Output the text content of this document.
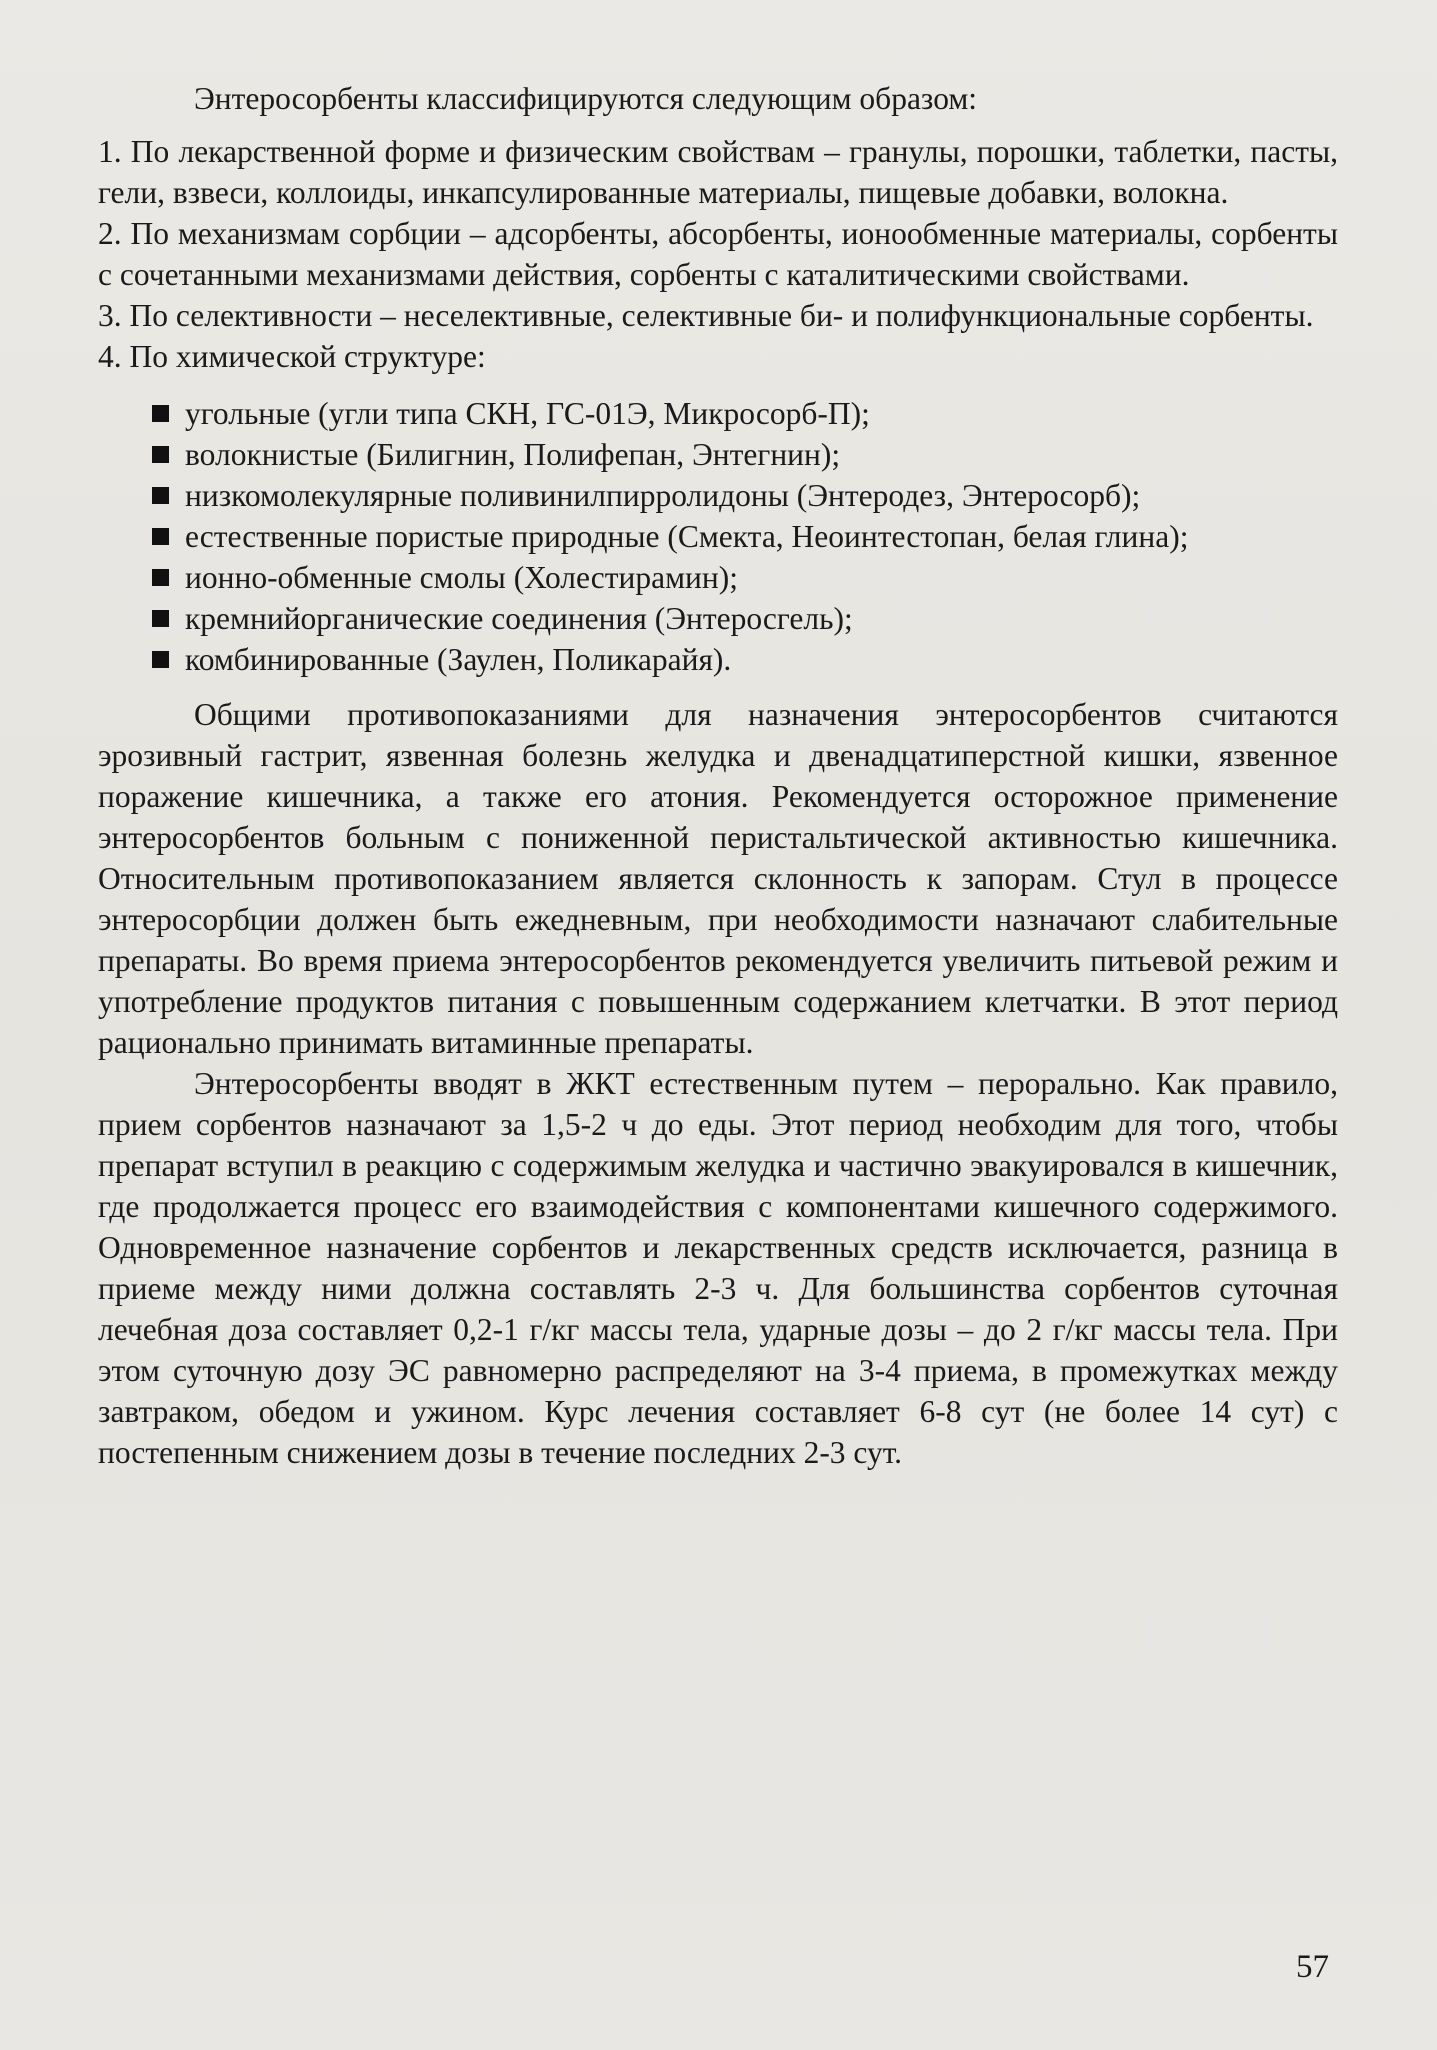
Энтеросорбенты классифицируются следующим образом:

1. По лекарственной форме и физическим свойствам – гранулы, порошки, таблетки, пасты, гели, взвеси, коллоиды, инкапсулированные материалы, пищевые добавки, волокна.

2. По механизмам сорбции – адсорбенты, абсорбенты, ионообменные материалы, сорбенты с сочетанными механизмами действия, сорбенты с каталитическими свойствами.

3. По селективности – неселективные, селективные би- и полифункциональные сорбенты.

4. По химической структуре:

угольные (угли типа СКН, ГС-01Э, Микросорб-П);
волокнистые (Билигнин, Полифепан, Энтегнин);
низкомолекулярные поливинилпирролидоны (Энтеродез, Энтеросорб);
естественные пористые природные (Смекта, Неоинтестопан, белая глина);
ионно-обменные смолы (Холестирамин);
кремнийорганические соединения (Энтеросгель);
комбинированные (Заулен, Поликарайя).

Общими противопоказаниями для назначения энтеросорбентов считаются эрозивный гастрит, язвенная болезнь желудка и двенадцатиперстной кишки, язвенное поражение кишечника, а также его атония. Рекомендуется осторожное применение энтеросорбентов больным с пониженной перистальтической активностью кишечника. Относительным противопоказанием является склонность к запорам. Стул в процессе энтеросорбции должен быть ежедневным, при необходимости назначают слабительные препараты. Во время приема энтеросорбентов рекомендуется увеличить питьевой режим и употребление продуктов питания с повышенным содержанием клетчатки. В этот период рационально принимать витаминные препараты.

Энтеросорбенты вводят в ЖКТ естественным путем – перорально. Как правило, прием сорбентов назначают за 1,5-2 ч до еды. Этот период необходим для того, чтобы препарат вступил в реакцию с содержимым желудка и частично эвакуировался в кишечник, где продолжается процесс его взаимодействия с компонентами кишечного содержимого. Одновременное назначение сорбентов и лекарственных средств исключается, разница в приеме между ними должна составлять 2-3 ч. Для большинства сорбентов суточная лечебная доза составляет 0,2-1 г/кг массы тела, ударные дозы – до 2 г/кг массы тела. При этом суточную дозу ЭС равномерно распределяют на 3-4 приема, в промежутках между завтраком, обедом и ужином. Курс лечения составляет 6-8 сут (не более 14 сут) с постепенным снижением дозы в течение последних 2-3 сут.

57
